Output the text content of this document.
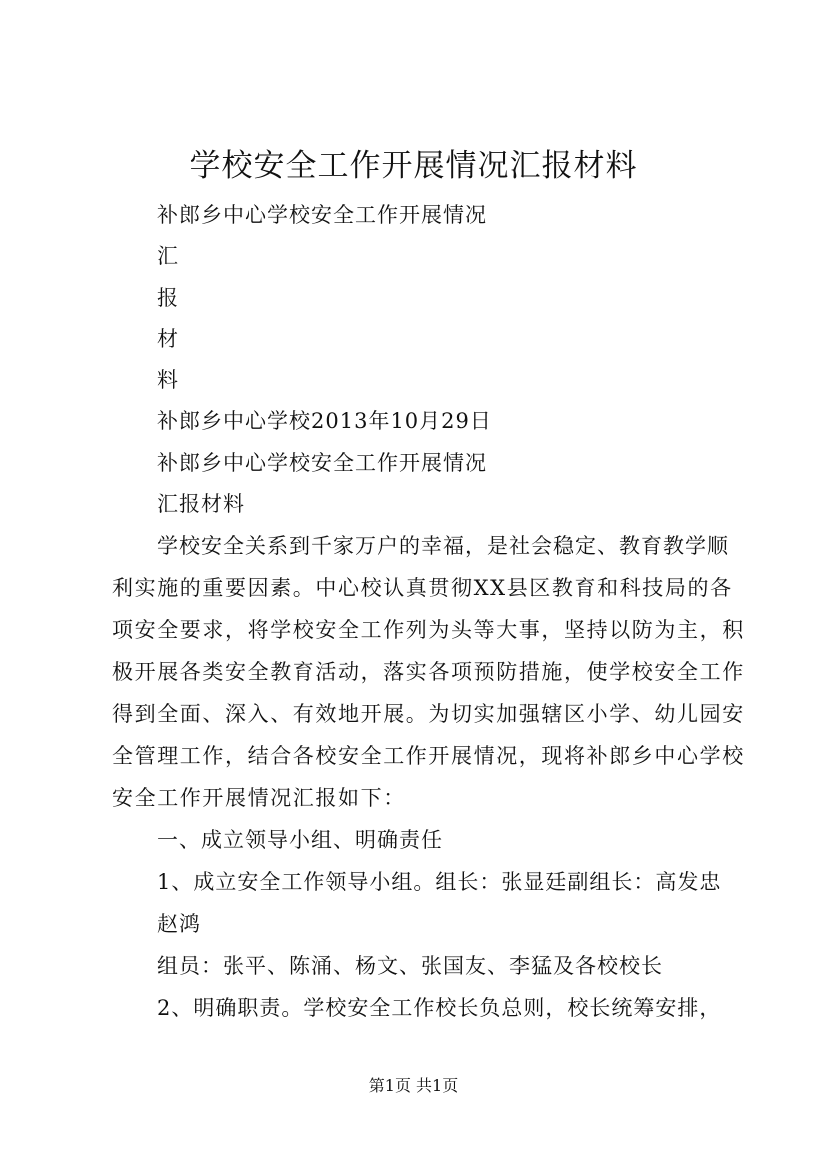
学校安全工作开展情况汇报材料

补郎乡中心学校安全工作开展情况

汇

报

材

料

补郎乡中心学校2013年10月29日

补郎乡中心学校安全工作开展情况

汇报材料

学校安全关系到千家万户的幸福，是社会稳定、教育教学顺

利实施的重要因素。中心校认真贯彻XX县区教育和科技局的各

项安全要求，将学校安全工作列为头等大事，坚持以防为主，积

极开展各类安全教育活动，落实各项预防措施，使学校安全工作

得到全面、深入、有效地开展。为切实加强辖区小学、幼儿园安

全管理工作，结合各校安全工作开展情况，现将补郎乡中心学校

安全工作开展情况汇报如下：

一、成立领导小组、明确责任

1、成立安全工作领导小组。组长：张显廷副组长：高发忠

赵鸿

组员：张平、陈涌、杨文、张国友、李猛及各校校长

2、明确职责。学校安全工作校长负总则，校长统筹安排，

第1页 共1页
